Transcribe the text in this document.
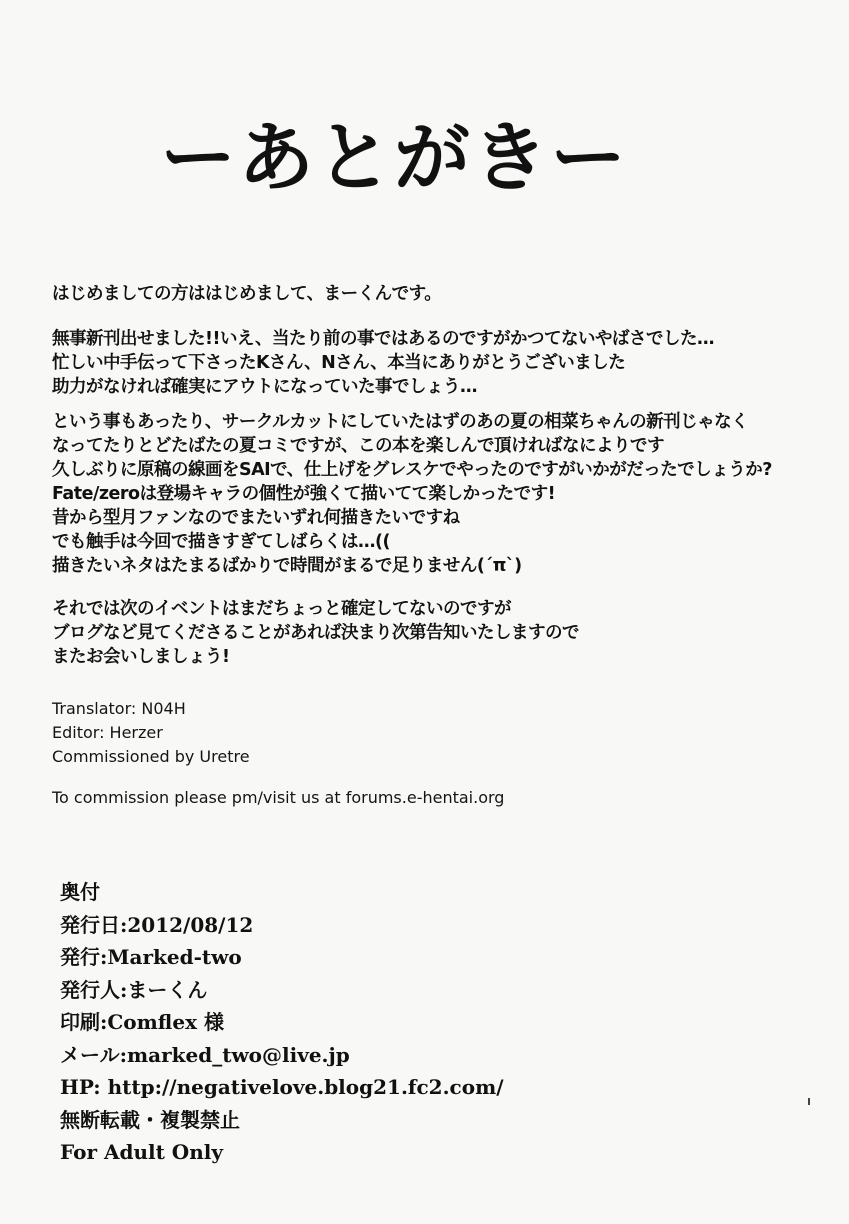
ーあとがきー
はじめましての方ははじめまして、まーくんです。
無事新刊出せました!!いえ、当たり前の事ではあるのですがかつてないやばさでした…
忙しい中手伝って下さったKさん、Nさん、本当にありがとうございました
助力がなければ確実にアウトになっていた事でしょう…
という事もあったり、サークルカットにしていたはずのあの夏の相菜ちゃんの新刊じゃなく
なってたりとどたばたの夏コミですが、この本を楽しんで頂ければなによりです
久しぶりに原稿の線画をSAIで、仕上げをグレスケでやったのですがいかがだったでしょうか?
Fate/zeroは登場キャラの個性が強くて描いてて楽しかったです!
昔から型月ファンなのでまたいずれ何描きたいですね
でも触手は今回で描きすぎてしばらくは…((
描きたいネタはたまるばかりで時間がまるで足りません(´π`)
それでは次のイベントはまだちょっと確定してないのですが
ブログなど見てくださることがあれば決まり次第告知いたしますので
またお会いしましょう!
Translator: N04H
Editor: Herzer
Commissioned by Uretre
To commission please pm/visit us at forums.e-hentai.org
奥付
発行日:2012/08/12
発行:Marked-two
発行人:まーくん
印刷:Comflex 様
メール:marked_two@live.jp
HP: http://negativelove.blog21.fc2.com/
無断転載・複製禁止
For Adult Only
